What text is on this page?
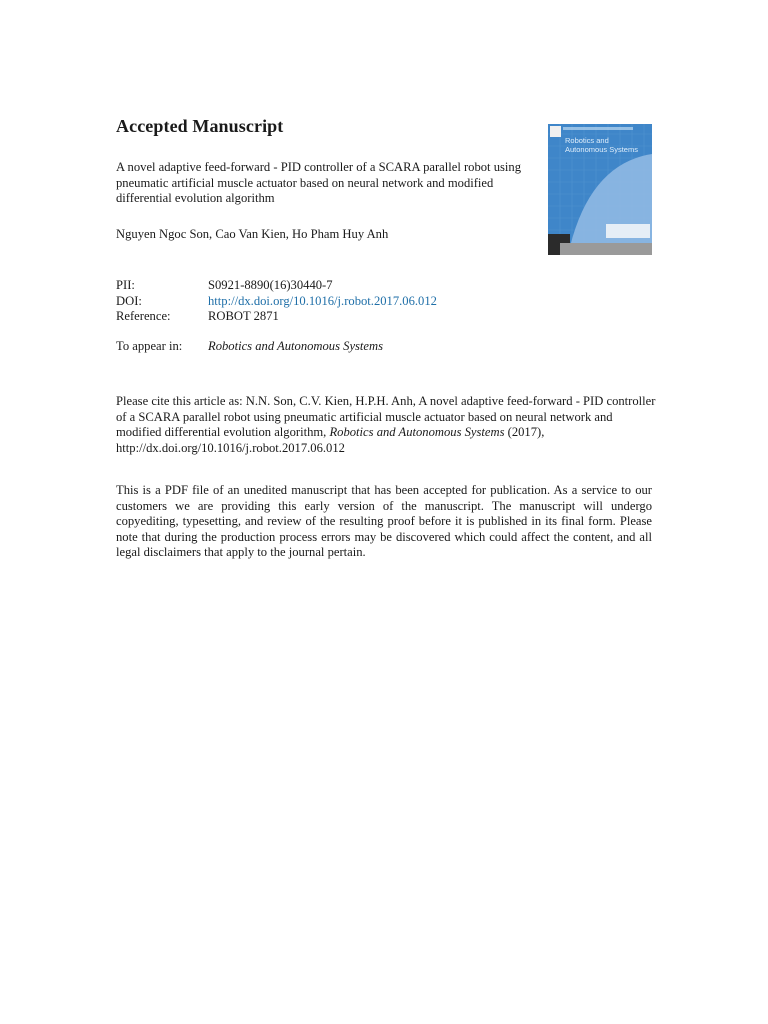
Accepted Manuscript

A novel adaptive feed-forward - PID controller of a SCARA parallel robot using pneumatic artificial muscle actuator based on neural network and modified differential evolution algorithm

Nguyen Ngoc Son, Cao Van Kien, Ho Pham Huy Anh

PII:	S0921-8890(16)30440-7
DOI:	http://dx.doi.org/10.1016/j.robot.2017.06.012
Reference:	ROBOT 2871
To appear in:	Robotics and Autonomous Systems

Please cite this article as: N.N. Son, C.V. Kien, H.P.H. Anh, A novel adaptive feed-forward - PID controller of a SCARA parallel robot using pneumatic artificial muscle actuator based on neural network and modified differential evolution algorithm, Robotics and Autonomous Systems (2017), http://dx.doi.org/10.1016/j.robot.2017.06.012

This is a PDF file of an unedited manuscript that has been accepted for publication. As a service to our customers we are providing this early version of the manuscript. The manuscript will undergo copyediting, typesetting, and review of the resulting proof before it is published in its final form. Please note that during the production process errors may be discovered which could affect the content, and all legal disclaimers that apply to the journal pertain.

Robotics and
Autonomous Systems
